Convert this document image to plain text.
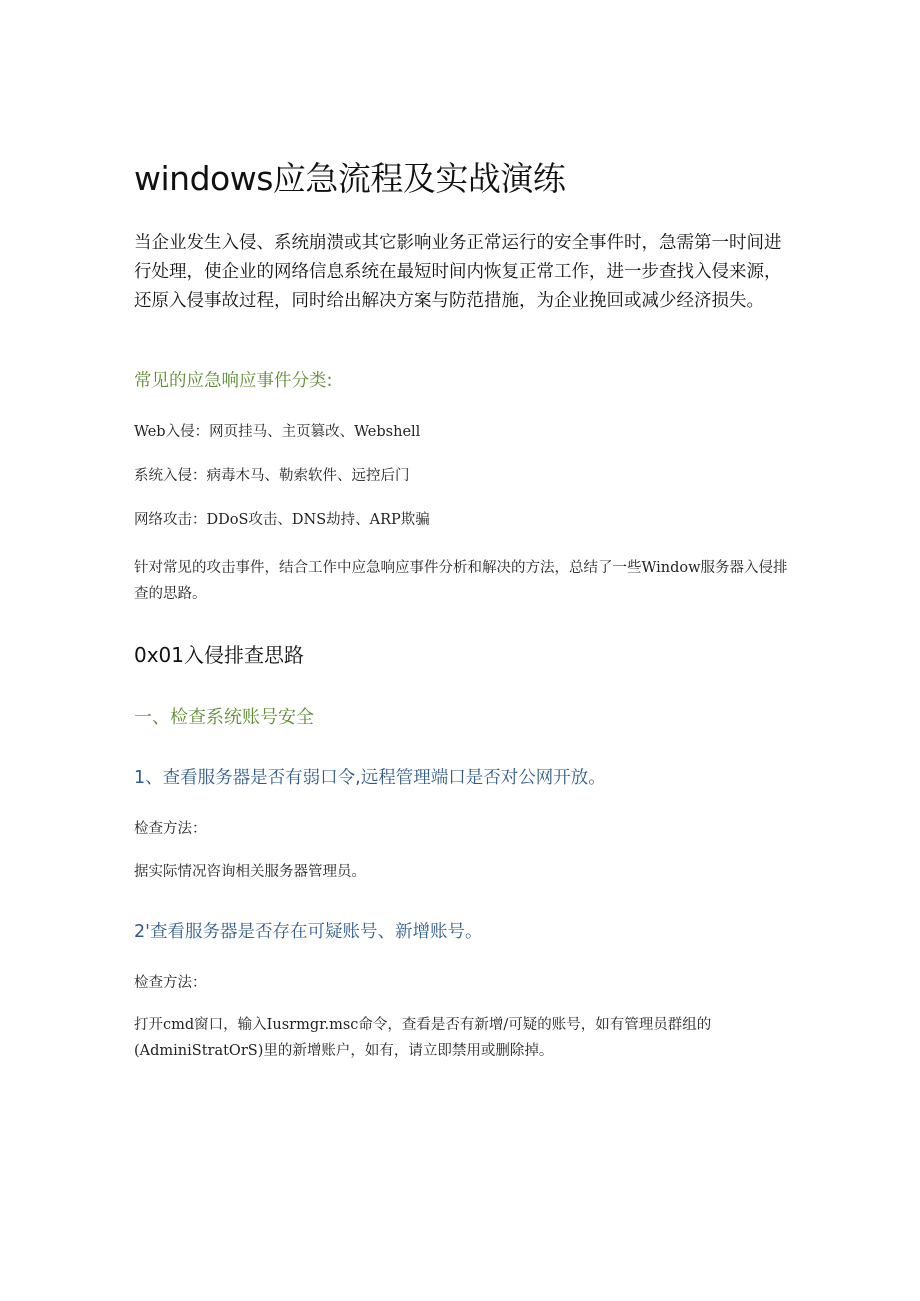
windows应急流程及实战演练
当企业发生入侵、系统崩溃或其它影响业务正常运行的安全事件时，急需第一时间进行处理，使企业的网络信息系统在最短时间内恢复正常工作，进一步查找入侵来源，还原入侵事故过程，同时给出解决方案与防范措施，为企业挽回或减少经济损失。
常见的应急响应事件分类:
Web入侵：网页挂马、主页篡改、Webshell
系统入侵：病毒木马、勒索软件、远控后门
网络攻击：DDoS攻击、DNS劫持、ARP欺骗
针对常见的攻击事件，结合工作中应急响应事件分析和解决的方法，总结了一些Window服务器入侵排查的思路。
0x01入侵排查思路
一、检查系统账号安全
1、查看服务器是否有弱口令,远程管理端口是否对公网开放。
检查方法：
据实际情况咨询相关服务器管理员。
2'查看服务器是否存在可疑账号、新增账号。
检查方法：
打开cmd窗口，输入Iusrmgr.msc命令，查看是否有新增/可疑的账号，如有管理员群组的(AdminiStratOrS)里的新增账户，如有，请立即禁用或删除掉。
